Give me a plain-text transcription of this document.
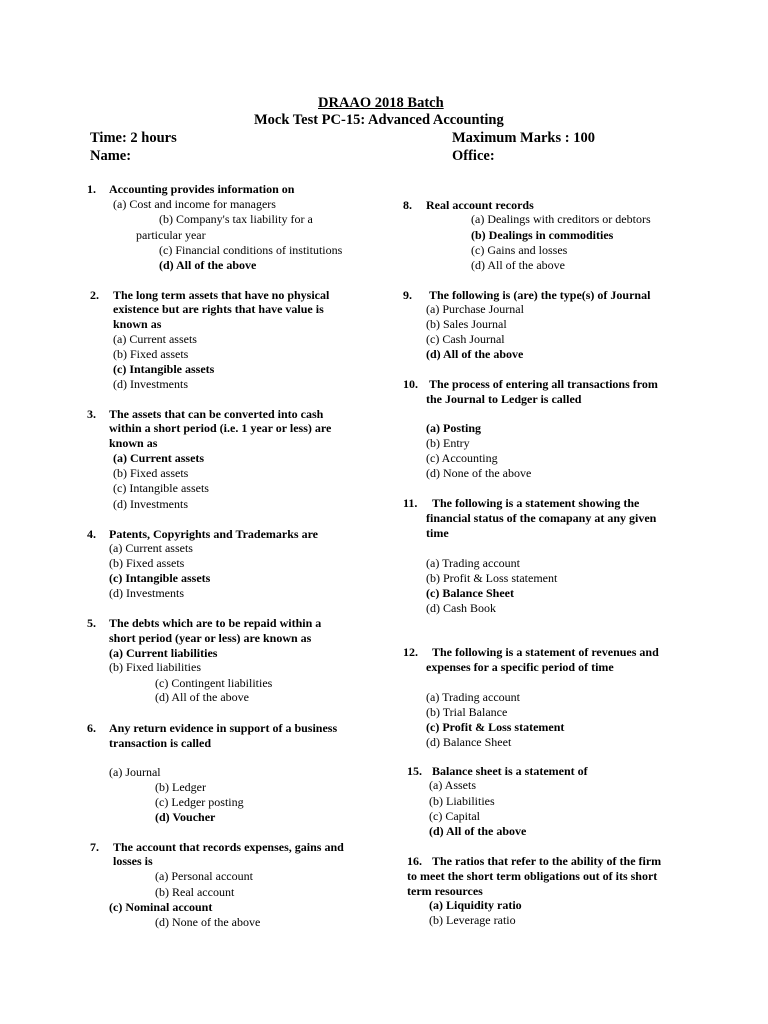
DRAAO 2018 Batch
Mock Test PC-15: Advanced Accounting
Time: 2 hours	Maximum Marks : 100
Name:	Office:
1. Accounting provides information on
(a) Cost and income for managers
(b) Company's tax liability for a
particular year
(c) Financial conditions of institutions
(d) All of the above
2. The long term assets that have no physical
existence but are rights that have value is
known as
(a) Current assets
(b) Fixed assets
(c) Intangible assets
(d) Investments
3. The assets that can be converted into cash
within a short period (i.e. 1 year or less) are
known as
(a) Current assets
(b) Fixed assets
(c) Intangible assets
(d) Investments
4. Patents, Copyrights and Trademarks are
(a) Current assets
(b) Fixed assets
(c) Intangible assets
(d) Investments
5. The debts which are to be repaid within a
short period (year or less) are known as
(a) Current liabilities
(b) Fixed liabilities
(c) Contingent liabilities
(d) All of the above
6. Any return evidence in support of a business
transaction is called
(a) Journal
(b) Ledger
(c) Ledger posting
(d) Voucher
7. The account that records expenses, gains and
losses is
(a) Personal account
(b) Real account
(c) Nominal account
(d) None of the above
8. Real account records
(a) Dealings with creditors or debtors
(b) Dealings in commodities
(c) Gains and losses
(d) All of the above
9. The following is (are) the type(s) of Journal
(a) Purchase Journal
(b) Sales Journal
(c) Cash Journal
(d) All of the above
10. The process of entering all transactions from
the Journal to Ledger is called
(a) Posting
(b) Entry
(c) Accounting
(d) None of the above
11. The following is a statement showing the
financial status of the comapany at any given
time
(a) Trading account
(b) Profit & Loss statement
(c) Balance Sheet
(d) Cash Book
12. The following is a statement of revenues and
expenses for a specific period of time
(a) Trading account
(b) Trial Balance
(c) Profit & Loss statement
(d) Balance Sheet
15. Balance sheet is a statement of
(a) Assets
(b) Liabilities
(c) Capital
(d) All of the above
16. The ratios that refer to the ability of the firm
to meet the short term obligations out of its short
term resources
(a) Liquidity ratio
(b) Leverage ratio
